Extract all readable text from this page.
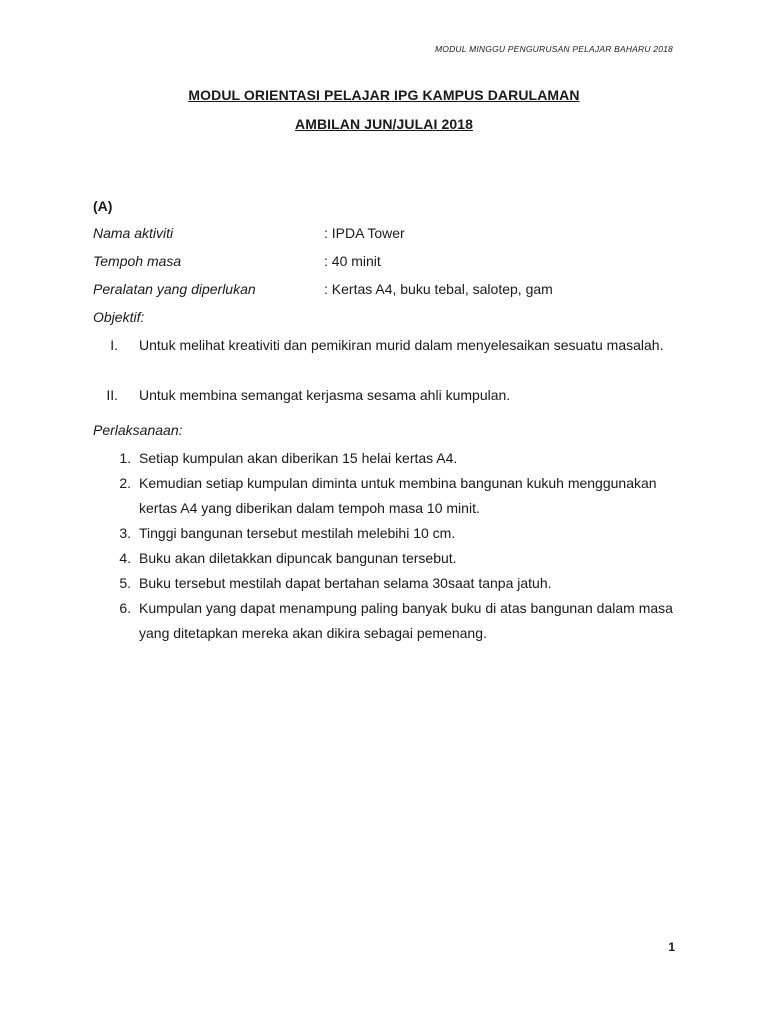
MODUL MINGGU PENGURUSAN PELAJAR BAHARU 2018
MODUL ORIENTASI PELAJAR IPG KAMPUS DARULAMAN
AMBILAN JUN/JULAI 2018
(A)
Nama aktiviti	: IPDA Tower
Tempoh masa	: 40 minit
Peralatan yang diperlukan	: Kertas A4, buku tebal, salotep, gam
Objektif:
I. Untuk melihat kreativiti dan pemikiran murid dalam menyelesaikan sesuatu masalah.
II. Untuk membina semangat kerjasma sesama ahli kumpulan.
Perlaksanaan:
1. Setiap kumpulan akan diberikan 15 helai kertas A4.
2. Kemudian setiap kumpulan diminta untuk membina bangunan kukuh menggunakan kertas A4 yang diberikan dalam tempoh masa 10 minit.
3. Tinggi bangunan tersebut mestilah melebihi 10 cm.
4. Buku akan diletakkan dipuncak bangunan tersebut.
5. Buku tersebut mestilah dapat bertahan selama 30saat tanpa jatuh.
6. Kumpulan yang dapat menampung paling banyak buku di atas bangunan dalam masa yang ditetapkan mereka akan dikira sebagai pemenang.
1
